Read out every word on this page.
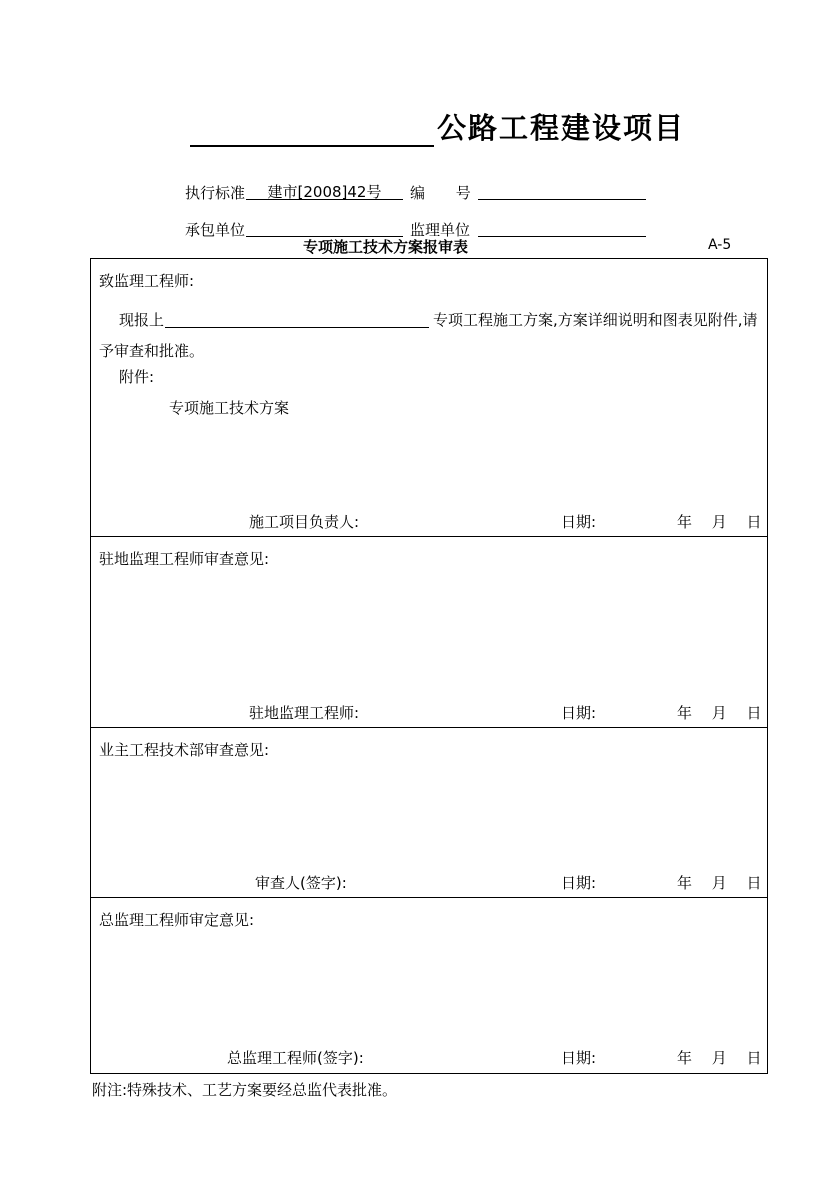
公路工程建设项目
执行标准	建市[2008]42号	编 号
承包单位	监理单位
专项施工技术方案报审表	A-5
致监理工程师:
现报上	专项工程施工方案,方案详细说明和图表见附件,请
予审查和批准。
附件:
专项施工技术方案
施工项目负责人:	日期:	年 月 日
驻地监理工程师审查意见:
驻地监理工程师:	日期:	年 月 日
业主工程技术部审查意见:
审查人(签字):	日期:	年 月 日
总监理工程师审定意见:
总监理工程师(签字):	日期:	年 月 日
附注:特殊技术、工艺方案要经总监代表批准。
